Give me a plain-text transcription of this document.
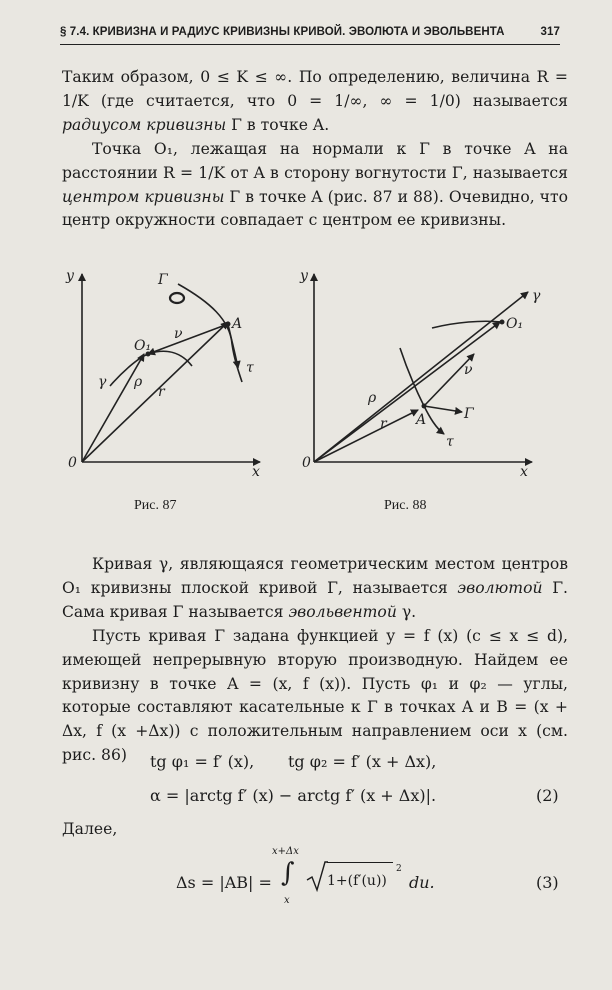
§ 7.4. КРИВИЗНА И РАДИУС КРИВИЗНЫ КРИВОЙ. ЭВОЛЮТА И ЭВОЛЬВЕНТА	317

Таким образом, 0 ≤ K ≤ ∞. По определению, величина R = 1/K (где считается, что 0 = 1/∞, ∞ = 1/0) называется радиусом кривизны Γ в точке A.

Точка O₁, лежащая на нормали к Γ в точке A на расстоянии R = 1/K от A в сторону вогнутости Γ, называется центром кривизны Γ в точке A (рис. 87 и 88). Очевидно, что центр окружности совпадает с центром ее кривизны.

y
0
x
Γ
γ
A
O₁
ν
ρ
r
τ
Рис. 87
y
0
x
γ
Γ
A
O₁
ν
ρ
r
τ
Рис. 88

Кривая γ, являющаяся геометрическим местом центров O₁ кривизны плоской кривой Γ, называется эволютой Γ. Сама кривая Γ называется эвольвентой γ.

Пусть кривая Γ задана функцией y = f (x) (c ≤ x ≤ d), имеющей непрерывную вторую производную. Найдем ее кривизну в точке A = (x, f (x)). Пусть φ₁ и φ₂ — углы, которые составляют касательные к Γ в точках A и B = (x + Δx, f (x +Δx)) с положительным направлением оси x (см. рис. 86)	tg φ₁ = f′ (x), tg φ₂ = f′ (x + Δx),
α = |arctg f′ (x) − arctg f′ (x + Δx)|.	(2)

Далее,

Δs = |AB| = ∫
x+Δx
x
1+(f′(u))
2
du.	(3)
